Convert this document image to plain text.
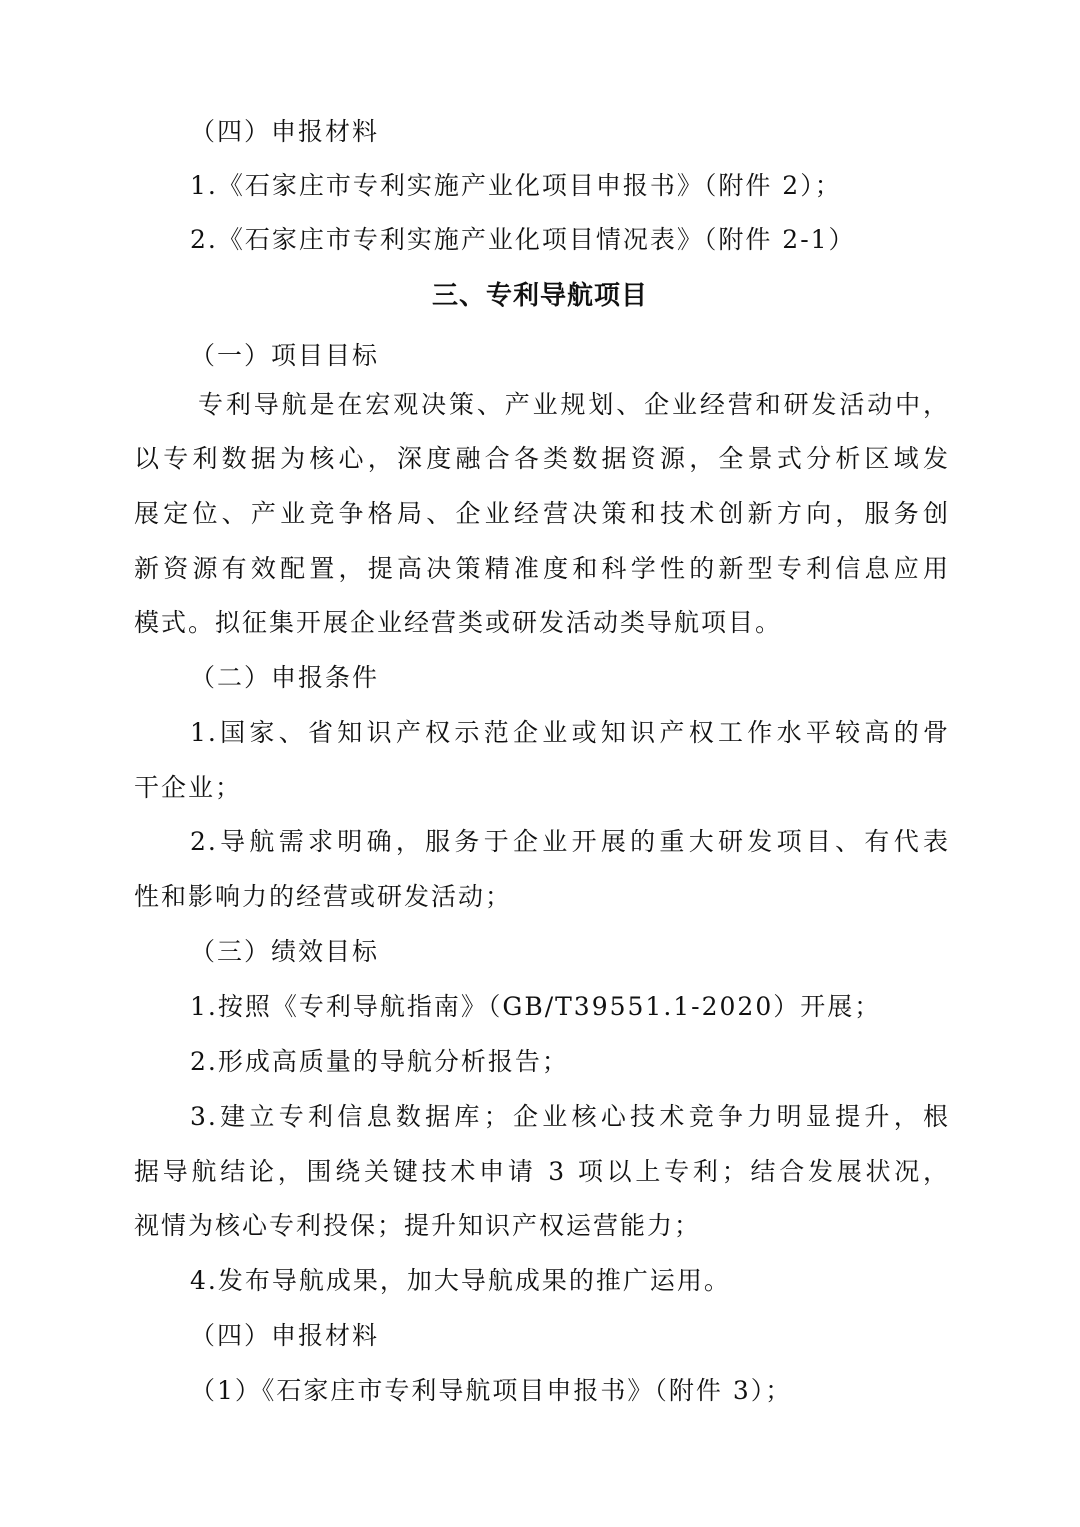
（四）申报材料
1.《石家庄市专利实施产业化项目申报书》（附件 2）；
2.《石家庄市专利实施产业化项目情况表》（附件 2-1）
三、专利导航项目
（一）项目目标
专利导航是在宏观决策、产业规划、企业经营和研发活动中，
以专利数据为核心，深度融合各类数据资源，全景式分析区域发
展定位、产业竞争格局、企业经营决策和技术创新方向，服务创
新资源有效配置，提高决策精准度和科学性的新型专利信息应用
模式。拟征集开展企业经营类或研发活动类导航项目。
（二）申报条件
1.国家、省知识产权示范企业或知识产权工作水平较高的骨
干企业；
2.导航需求明确，服务于企业开展的重大研发项目、有代表
性和影响力的经营或研发活动；
（三）绩效目标
1.按照《专利导航指南》（GB/T39551.1-2020）开展；
2.形成高质量的导航分析报告；
3.建立专利信息数据库；企业核心技术竞争力明显提升，根
据导航结论，围绕关键技术申请 3 项以上专利；结合发展状况，
视情为核心专利投保；提升知识产权运营能力；
4.发布导航成果，加大导航成果的推广运用。
（四）申报材料
（1）《石家庄市专利导航项目申报书》（附件 3）；
